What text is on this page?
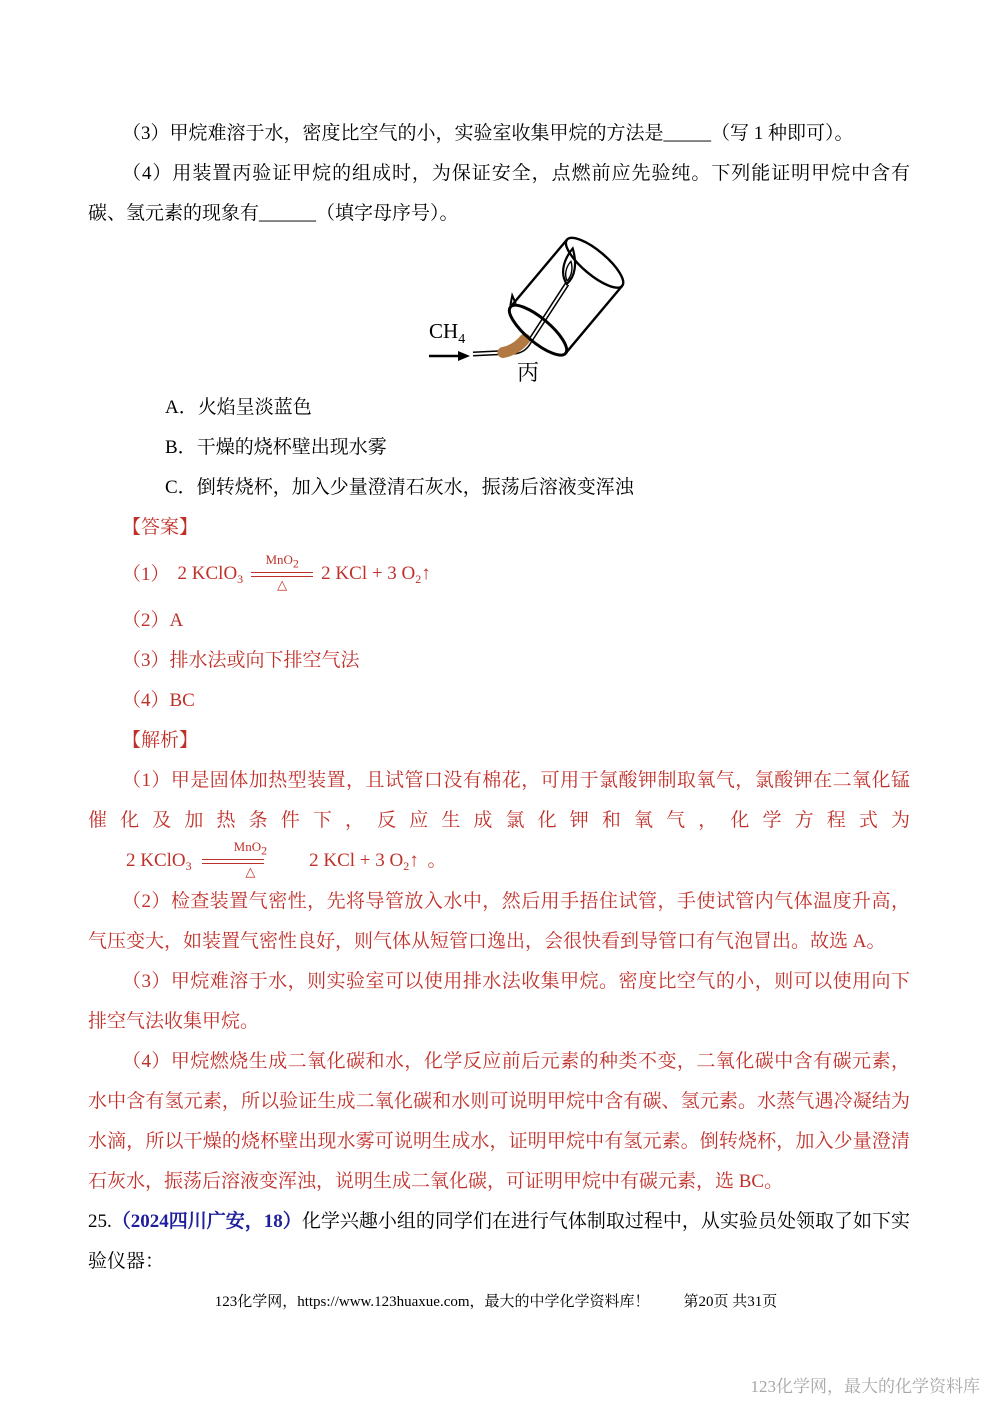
（3）甲烷难溶于水，密度比空气的小，实验室收集甲烷的方法是_____（写 1 种即可）。

（4）用装置丙验证甲烷的组成时，为保证安全，点燃前应先验纯。下列能证明甲烷中含有碳、氢元素的现象有______（填字母序号）。

$CH_4$
丙

A．火焰呈淡蓝色

B．干燥的烧杯壁出现水雾

C．倒转烧杯，加入少量澄清石灰水，振荡后溶液变浑浊

【答案】

（1） 2 KClO$_3$
MnO$_2$
△
2 KCl + 3 $O_2↑$

（2）A

（3）排水法或向下排空气法

（4）BC

【解析】

（1）甲是固体加热型装置，且试管口没有棉花，可用于氯酸钾制取氧气，氯酸钾在二氧化锰催化及加热条件下，反应生成氯化钾和氧气，化学方程式为
2 KClO$_3$
MnO$_2$
△
2 KCl + 3 $O_2↑$ 。

（2）检查装置气密性，先将导管放入水中，然后用手捂住试管，手使试管内气体温度升高，气压变大，如装置气密性良好，则气体从短管口逸出，会很快看到导管口有气泡冒出。故选 A。

（3）甲烷难溶于水，则实验室可以使用排水法收集甲烷。密度比空气的小，则可以使用向下排空气法收集甲烷。

（4）甲烷燃烧生成二氧化碳和水，化学反应前后元素的种类不变，二氧化碳中含有碳元素，水中含有氢元素，所以验证生成二氧化碳和水则可说明甲烷中含有碳、氢元素。水蒸气遇冷凝结为水滴，所以干燥的烧杯壁出现水雾可说明生成水，证明甲烷中有氢元素。倒转烧杯，加入少量澄清石灰水，振荡后溶液变浑浊，说明生成二氧化碳，可证明甲烷中有碳元素，选 BC。

25.（2024四川广安，18）化学兴趣小组的同学们在进行气体制取过程中，从实验员处领取了如下实验仪器：

123化学网，https://www.123huaxue.com，最大的中学化学资料库！ 第20页 共31页
123化学网，最大的化学资料库
